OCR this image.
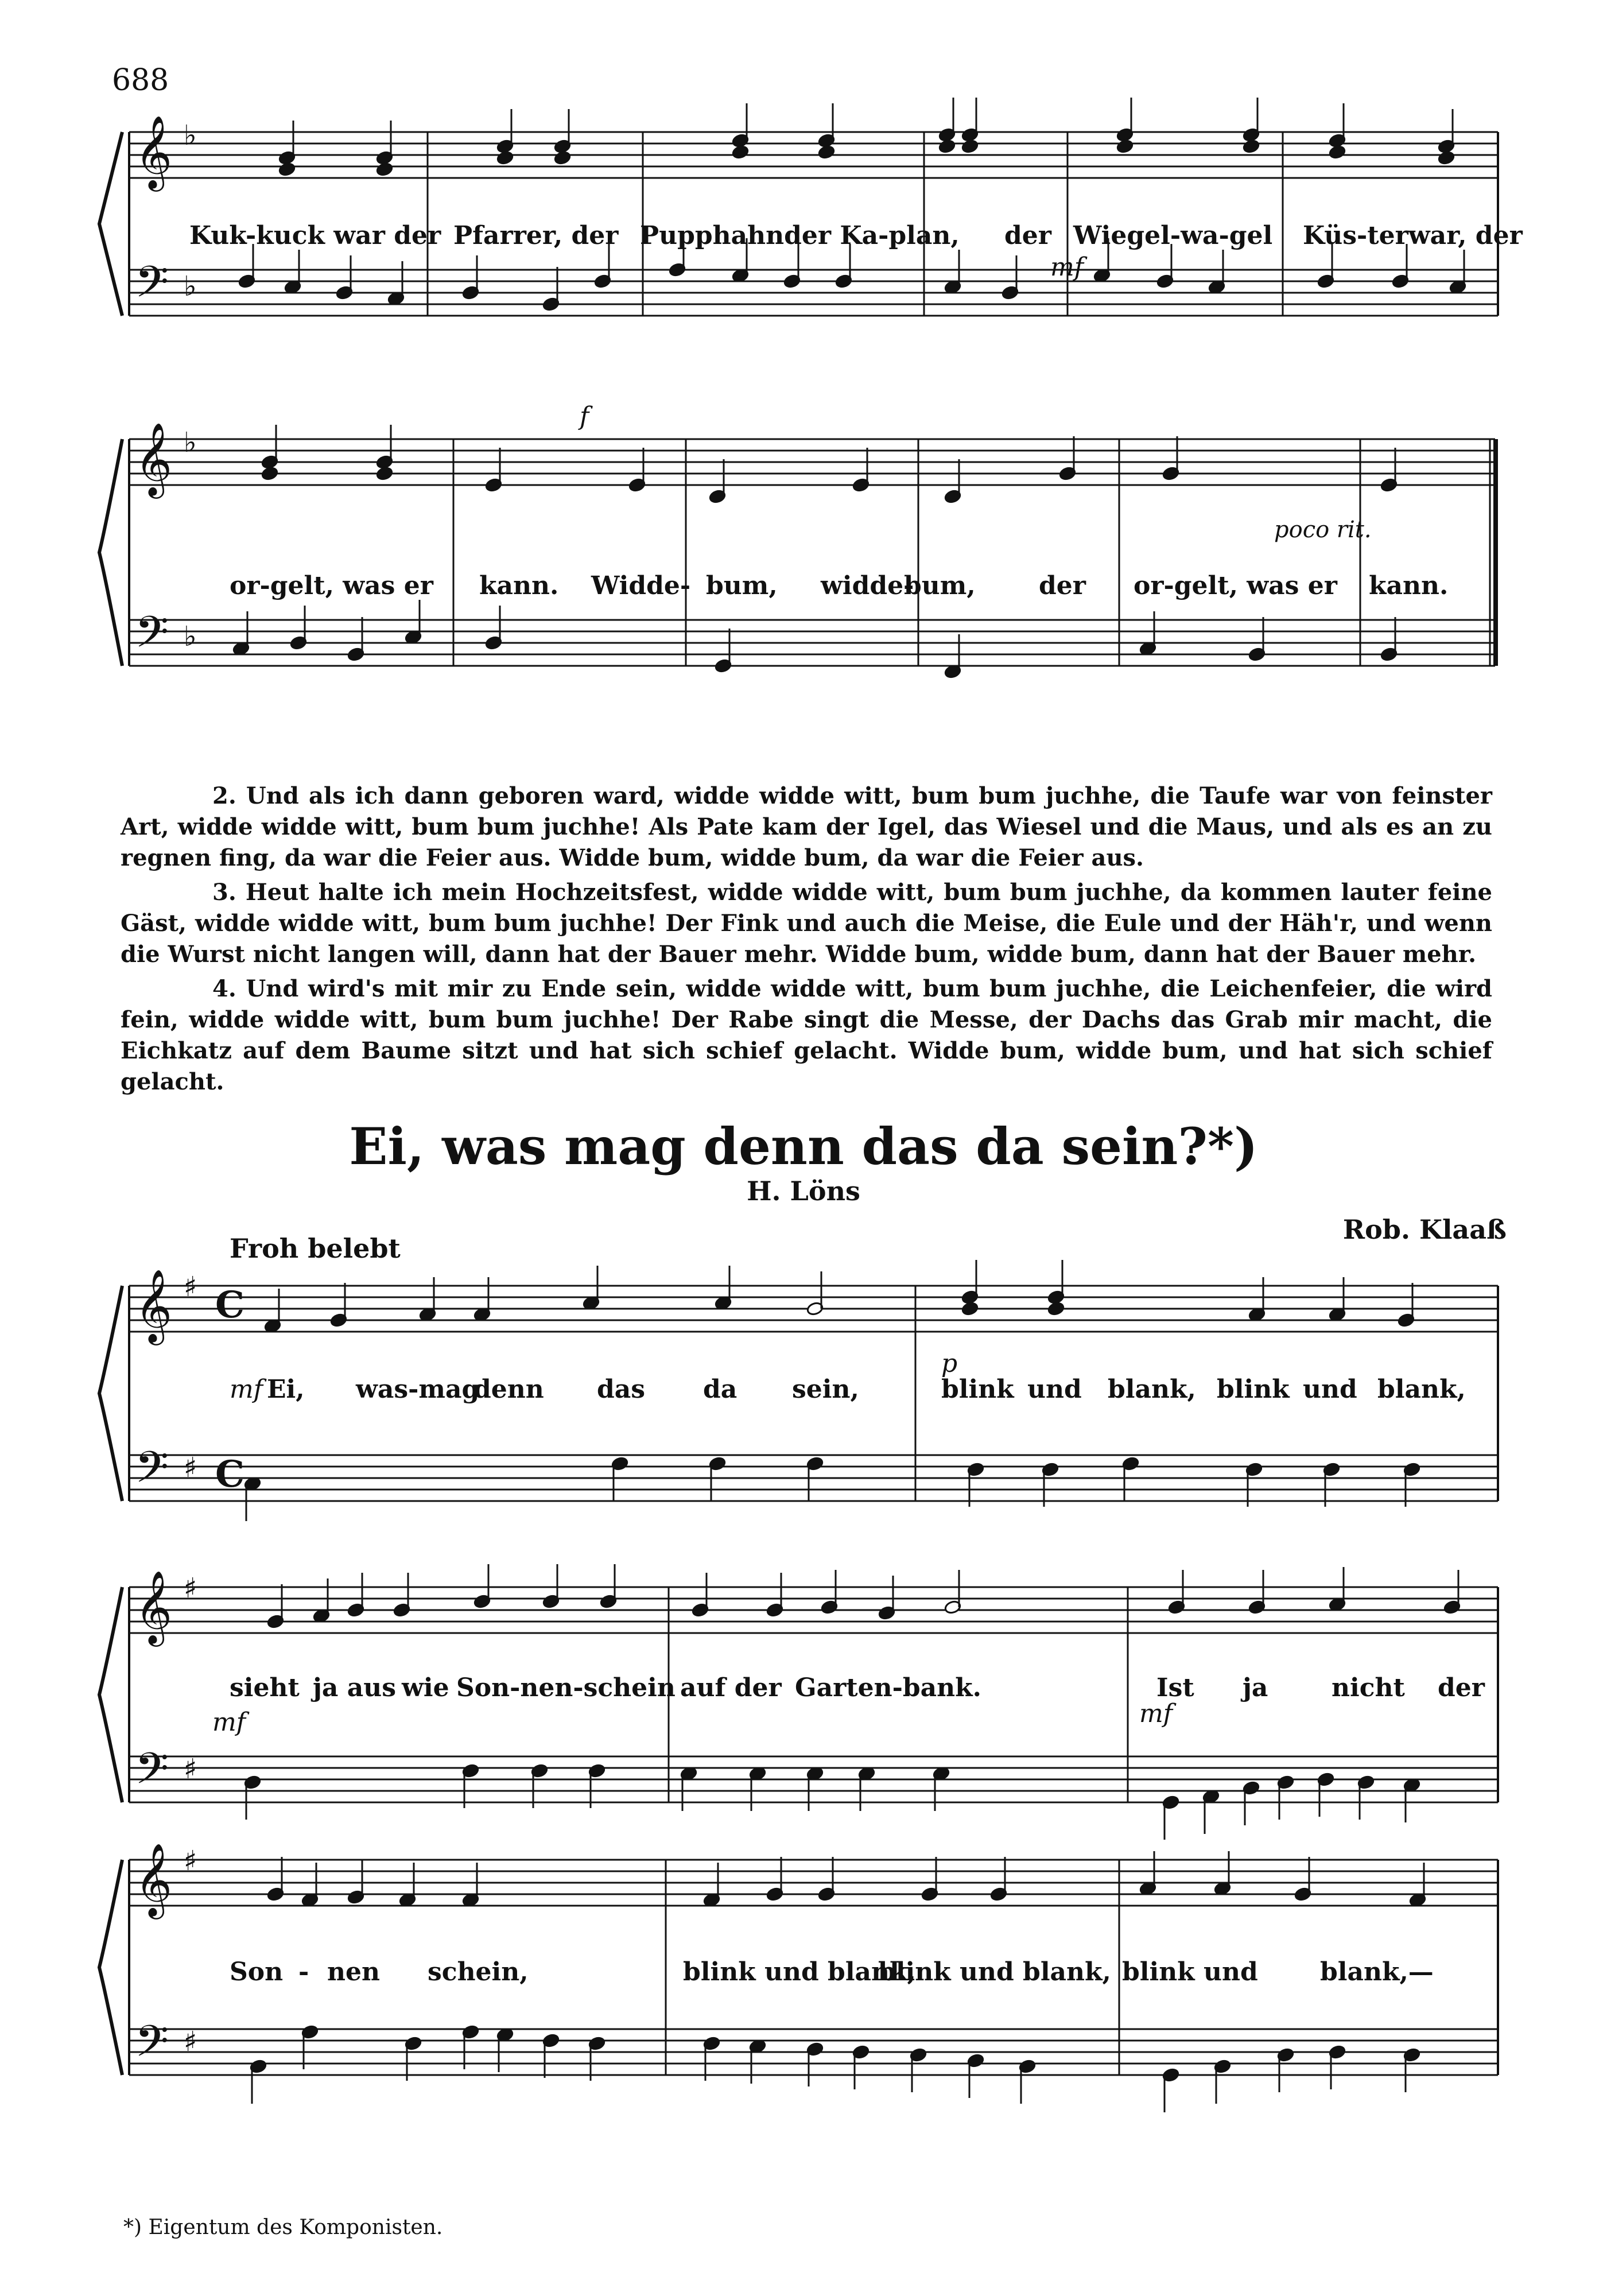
688
𝄞
𝄢
♭
♭
𝄞
𝄢
♭
♭
𝄞
𝄢
♯
♯
C
C
𝄞
𝄢
♯
♯
𝄞
𝄢
♯
♯
Kuk-kuck war der Pfarrer, der Pupphahnder Ka-plan, der Wiegel-wa-gel Küs-terwar, der
mf
f
poco rit.
or-gelt, was er kann. Widde- bum, widde-
bum,	der or-gelt, was er kann.
2. Und als ich dann geboren ward, widde widde witt, bum bum juchhe, die Taufe war von feinster Art, widde widde witt, bum bum juchhe! Als Pate kam der Igel, das Wiesel und die Maus, und als es an zu regnen fing, da war die Feier aus. Widde bum, widde bum, da war die Feier aus.
3. Heut halte ich mein Hochzeitsfest, widde widde witt, bum bum juchhe, da kommen lauter feine Gäst, widde widde witt, bum bum juchhe! Der Fink und auch die Meise, die Eule und der Häh'r, und wenn die Wurst nicht langen will, dann hat der Bauer mehr. Widde bum, widde bum, dann hat der Bauer mehr.
4. Und wird's mit mir zu Ende sein, widde widde witt, bum bum juchhe, die Leichenfeier, die wird fein, widde widde witt, bum bum juchhe! Der Rabe singt die Messe, der Dachs das Grab mir macht, die Eichkatz auf dem Baume sitzt und hat sich schief gelacht. Widde bum, widde bum, und hat sich schief gelacht.
Ei, was mag denn das da sein?*)
H. Löns
Rob. Klaaß
Froh belebt
mf Ei, was-mag
denn das da sein,
p
blink und blank, blink und blank,
sieht ja aus wie Son-nen-schein auf der Garten-bank.	Ist ja	nicht der
mf	mf
Son - nen schein,	blink und blank,
blink und blank, blink und blank,—
*) Eigentum des Komponisten.
